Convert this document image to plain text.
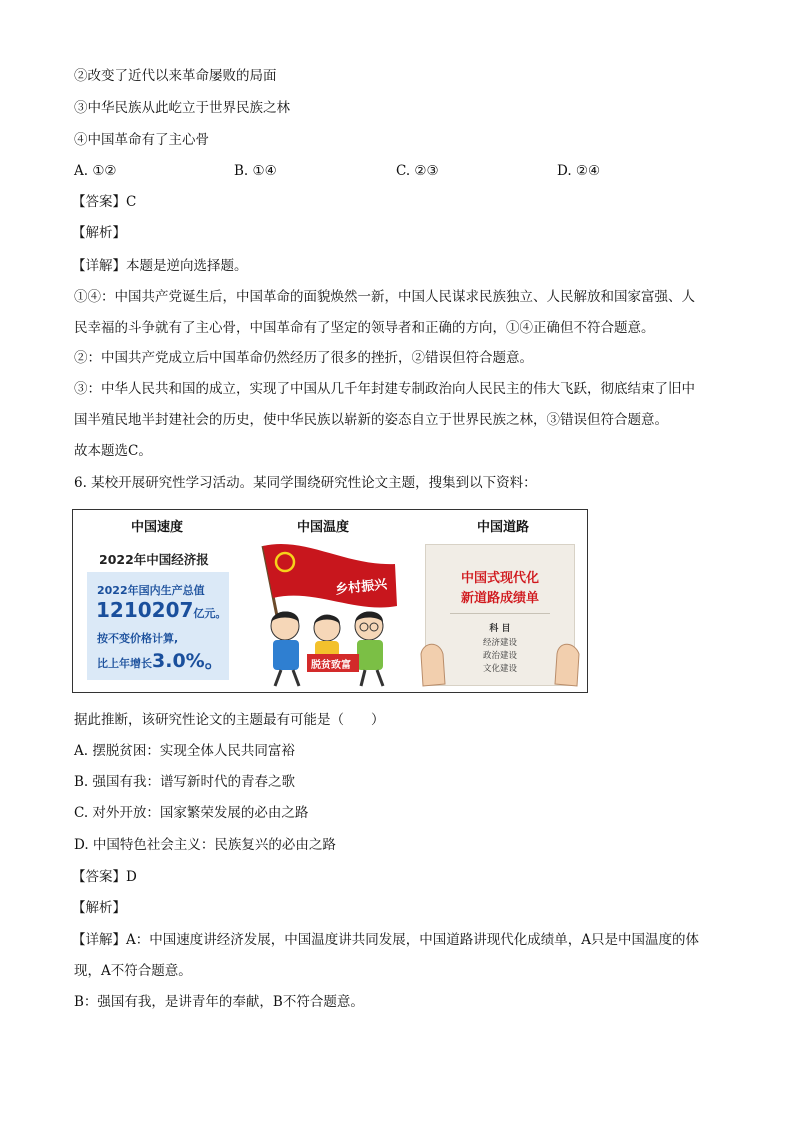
②改变了近代以来革命屡败的局面
③中华民族从此屹立于世界民族之林
④中国革命有了主心骨
A. ①②	B. ①④	C. ②③	D. ②④
【答案】C
【解析】
【详解】本题是逆向选择题。
①④：中国共产党诞生后，中国革命的面貌焕然一新，中国人民谋求民族独立、人民解放和国家富强、人
民幸福的斗争就有了主心骨，中国革命有了坚定的领导者和正确的方向，①④正确但不符合题意。
②：中国共产党成立后中国革命仍然经历了很多的挫折，②错误但符合题意。
③：中华人民共和国的成立，实现了中国从几千年封建专制政治向人民民主的伟大飞跃，彻底结束了旧中
国半殖民地半封建社会的历史，使中华民族以崭新的姿态自立于世界民族之林，③错误但符合题意。
故本题选C。
6. 某校开展研究性学习活动。某同学围绕研究性论文主题，搜集到以下资料：
中国速度
2022年中国经济报
2022年国内生产总值
1210207亿元。
按不变价格计算,
比上年增长3.0%。
中国温度
乡村振兴
脱贫致富
中国道路
中国式现代化
新道路成绩单
科 目
经济建设
政治建设
文化建设
据此推断，该研究性论文的主题最有可能是（　　）
A. 摆脱贫困：实现全体人民共同富裕
B. 强国有我：谱写新时代的青春之歌
C. 对外开放：国家繁荣发展的必由之路
D. 中国特色社会主义：民族复兴的必由之路
【答案】D
【解析】
【详解】A：中国速度讲经济发展，中国温度讲共同发展，中国道路讲现代化成绩单，A只是中国温度的体
现，A不符合题意。
B：强国有我，是讲青年的奉献，B不符合题意。
